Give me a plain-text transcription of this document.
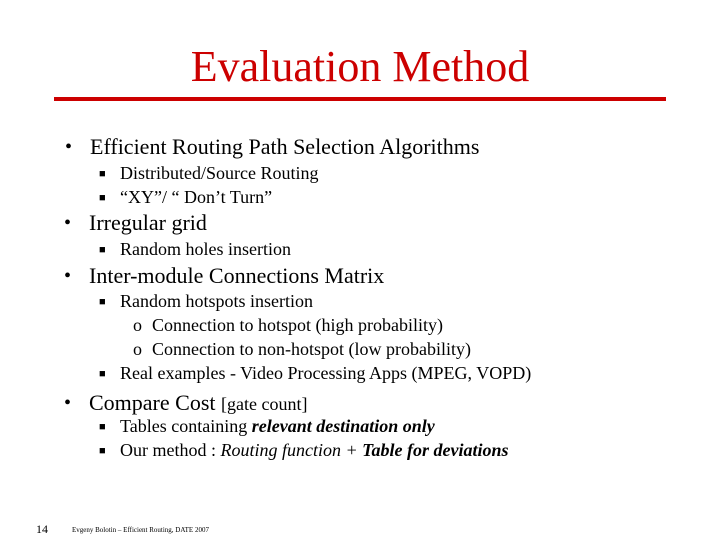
Evaluation Method
• Efficient Routing Path Selection Algorithms
■ Distributed/Source Routing
■ “XY”/ “ Don’t Turn”
• Irregular grid
■ Random holes insertion
• Inter-module Connections Matrix
■ Random hotspots insertion
o Connection to hotspot (high probability)
o Connection to non-hotspot (low probability)
■ Real examples - Video Processing Apps (MPEG, VOPD)
• Compare Cost [gate count]
■ Tables containing relevant destination only
■ Our method : Routing function + Table for deviations
14	Evgeny Bolotin – Efficient Routing, DATE 2007
